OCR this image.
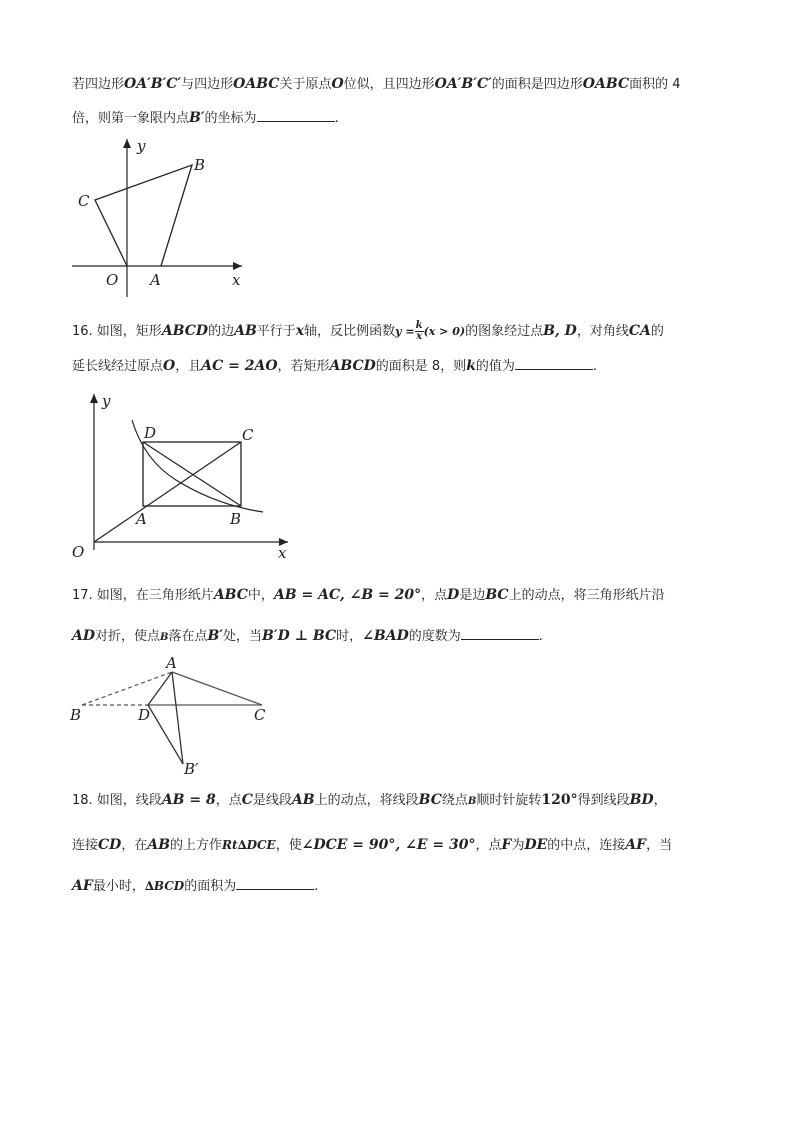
若四边形OA′B′C′与四边形OABC关于原点O位似，且四边形OA′B′C′的面积是四边形OABC面积的 4
倍，则第一象限内点B′的坐标为	.
y
x
O A
B
C
16. 如图，矩形ABCD的边AB平行于x轴，反比例函数$y = \frac{k}{x} (x > 0)$的图象经过点B, D，对角线CA的
延长线经过原点O，且AC = 2AO，若矩形ABCD的面积是 8，则k的值为	.
y
x
O
A	B
C
D
17. 如图，在三角形纸片ABC中，AB = AC, ∠B = 20°，点D是边BC上的动点，将三角形纸片沿
AD对折，使点B落在点B′处，当B′D ⊥ BC时，∠BAD的度数为	.
A
B	C
D
B′
18. 如图，线段AB = 8，点C是线段AB上的动点，将线段BC绕点B顺时针旋转120°得到线段BD，
连接CD，在AB的上方作Rt∆DCE，使∠DCE = 90°, ∠E = 30°，点F为DE的中点，连接AF，当
AF最小时，∆BCD的面积为	.
